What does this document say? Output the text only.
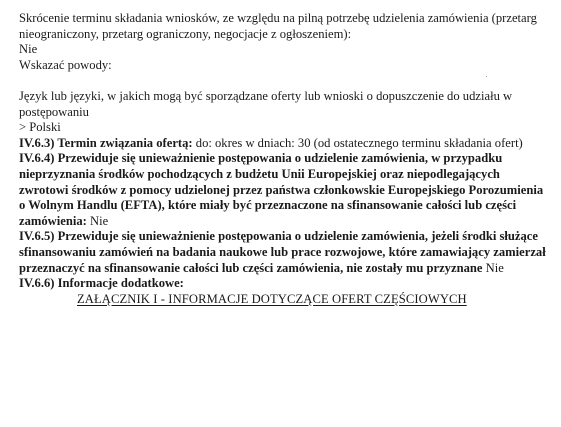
Skrócenie terminu składania wniosków, ze względu na pilną potrzebę udzielenia zamówienia (przetarg nieograniczony, przetarg ograniczony, negocjacje z ogłoszeniem):

Nie

Wskazać powody:

Język lub języki, w jakich mogą być sporządzane oferty lub wnioski o dopuszczenie do udziału w postępowaniu

> Polski

IV.6.3) Termin związania ofertą: do: okres w dniach: 30 (od ostatecznego terminu składania ofert)

IV.6.4) Przewiduje się unieważnienie postępowania o udzielenie zamówienia, w przypadku nieprzyznania środków pochodzących z budżetu Unii Europejskiej oraz niepodlegających zwrotowi środków z pomocy udzielonej przez państwa członkowskie Europejskiego Porozumienia o Wolnym Handlu (EFTA), które miały być przeznaczone na sfinansowanie całości lub części zamówienia: Nie

IV.6.5) Przewiduje się unieważnienie postępowania o udzielenie zamówienia, jeżeli środki służące sfinansowaniu zamówień na badania naukowe lub prace rozwojowe, które zamawiający zamierzał przeznaczyć na sfinansowanie całości lub części zamówienia, nie zostały mu przyznane Nie

IV.6.6) Informacje dodatkowe:

ZAŁĄCZNIK I - INFORMACJE DOTYCZĄCE OFERT CZĘŚCIOWYCH
